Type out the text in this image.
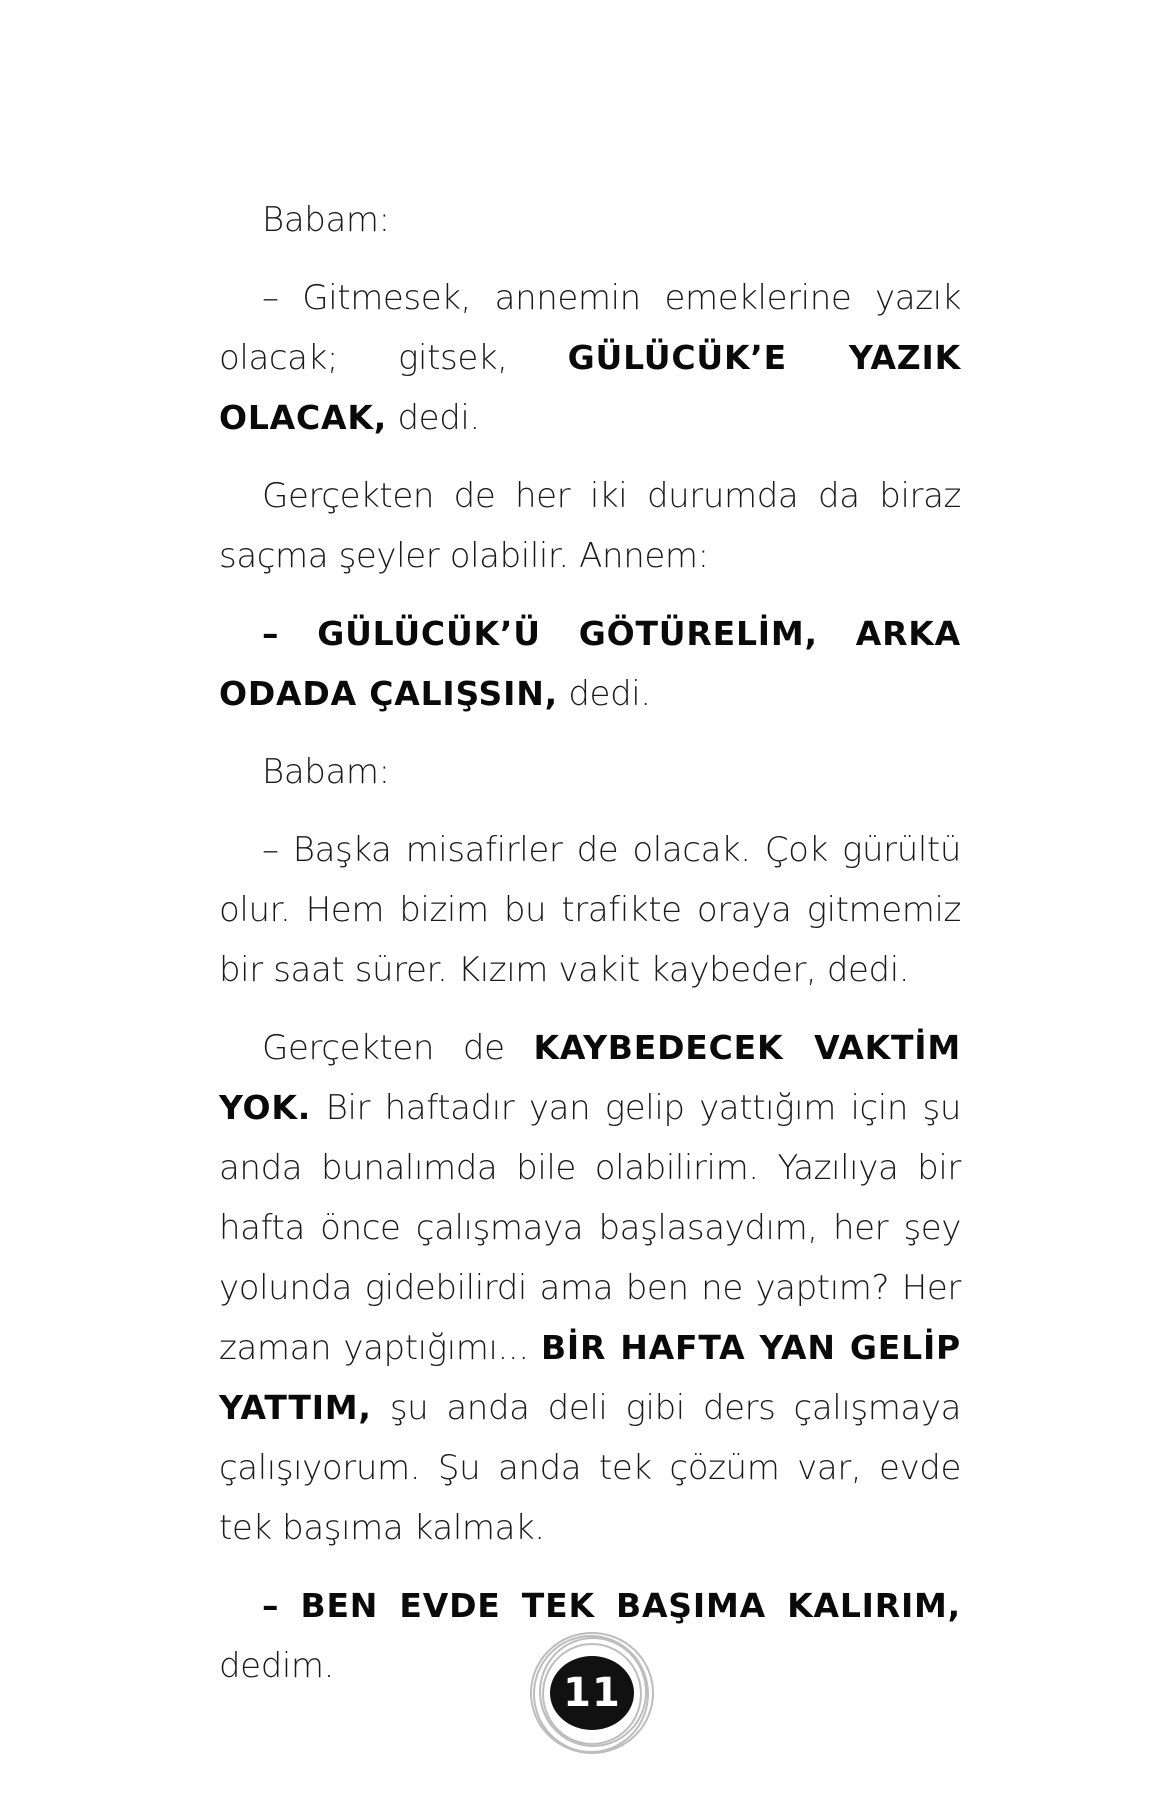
Babam:

– Gitmesek, annemin emeklerine yazık olacak; gitsek, GÜLÜCÜK’E YAZIK OLACAK, dedi.

Gerçekten de her iki durumda da biraz saçma şeyler olabilir. Annem:

– GÜLÜCÜK’Ü GÖTÜRELİM, ARKA ODADA ÇALIŞSIN, dedi.

Babam:

– Başka misafirler de olacak. Çok gürültü olur. Hem bizim bu trafikte oraya gitmemiz bir saat sürer. Kızım vakit kaybeder, dedi.

Gerçekten de KAYBEDECEK VAKTİM YOK. Bir haftadır yan gelip yattığım için şu anda bunalımda bile olabilirim. Yazılıya bir hafta önce çalışmaya başlasaydım, her şey yolunda gidebilirdi ama ben ne yaptım? Her zaman yaptığımı... BİR HAFTA YAN GELİP YATTIM, şu anda deli gibi ders çalışmaya çalışıyorum. Şu anda tek çözüm var, evde tek başıma kalmak.

– BEN EVDE TEK BAŞIMA KALIRIM, dedim.

11
